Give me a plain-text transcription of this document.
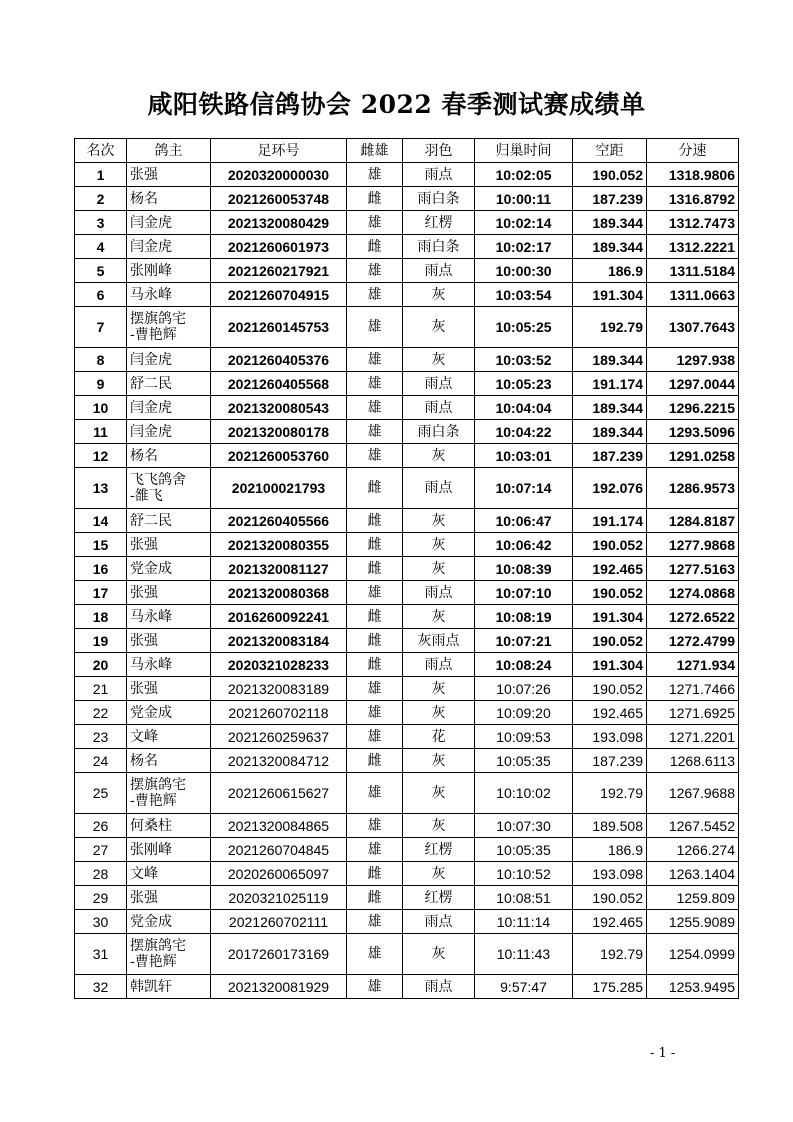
咸阳铁路信鸽协会 2022 春季测试赛成绩单
名次	鸽主	足环号	雌雄	羽色	归巢时间	空距	分速
1	张强	2020320000030	雄	雨点	10:02:05	190.052	1318.9806
2	杨名	2021260053748	雌	雨白条	10:00:11	187.239	1316.8792
3	闫金虎	2021320080429	雄	红楞	10:02:14	189.344	1312.7473
4	闫金虎	2021260601973	雌	雨白条	10:02:17	189.344	1312.2221
5	张刚峰	2021260217921	雄	雨点	10:00:30	186.9	1311.5184
6	马永峰	2021260704915	雄	灰	10:03:54	191.304	1311.0663
7	摆旗鸽宅
-曹艳辉	2021260145753	雄	灰	10:05:25	192.79	1307.7643
8	闫金虎	2021260405376	雄	灰	10:03:52	189.344	1297.938
9	舒二民	2021260405568	雄	雨点	10:05:23	191.174	1297.0044
10	闫金虎	2021320080543	雄	雨点	10:04:04	189.344	1296.2215
11	闫金虎	2021320080178	雄	雨白条	10:04:22	189.344	1293.5096
12	杨名	2021260053760	雄	灰	10:03:01	187.239	1291.0258
13	飞飞鸽舍
-雒飞	202100021793	雌	雨点	10:07:14	192.076	1286.9573
14	舒二民	2021260405566	雌	灰	10:06:47	191.174	1284.8187
15	张强	2021320080355	雌	灰	10:06:42	190.052	1277.9868
16	党金成	2021320081127	雌	灰	10:08:39	192.465	1277.5163
17	张强	2021320080368	雄	雨点	10:07:10	190.052	1274.0868
18	马永峰	2016260092241	雌	灰	10:08:19	191.304	1272.6522
19	张强	2021320083184	雌	灰雨点	10:07:21	190.052	1272.4799
20	马永峰	2020321028233	雌	雨点	10:08:24	191.304	1271.934
21	张强	2021320083189	雄	灰	10:07:26	190.052	1271.7466
22	党金成	2021260702118	雄	灰	10:09:20	192.465	1271.6925
23	文峰	2021260259637	雄	花	10:09:53	193.098	1271.2201
24	杨名	2021320084712	雌	灰	10:05:35	187.239	1268.6113
25	摆旗鸽宅
-曹艳辉	2021260615627	雄	灰	10:10:02	192.79	1267.9688
26	何桑柱	2021320084865	雄	灰	10:07:30	189.508	1267.5452
27	张刚峰	2021260704845	雄	红楞	10:05:35	186.9	1266.274
28	文峰	2020260065097	雌	灰	10:10:52	193.098	1263.1404
29	张强	2020321025119	雌	红楞	10:08:51	190.052	1259.809
30	党金成	2021260702111	雄	雨点	10:11:14	192.465	1255.9089
31	摆旗鸽宅
-曹艳辉	2017260173169	雄	灰	10:11:43	192.79	1254.0999
32	韩凯轩	2021320081929	雄	雨点	9:57:47	175.285	1253.9495
- 1 -
